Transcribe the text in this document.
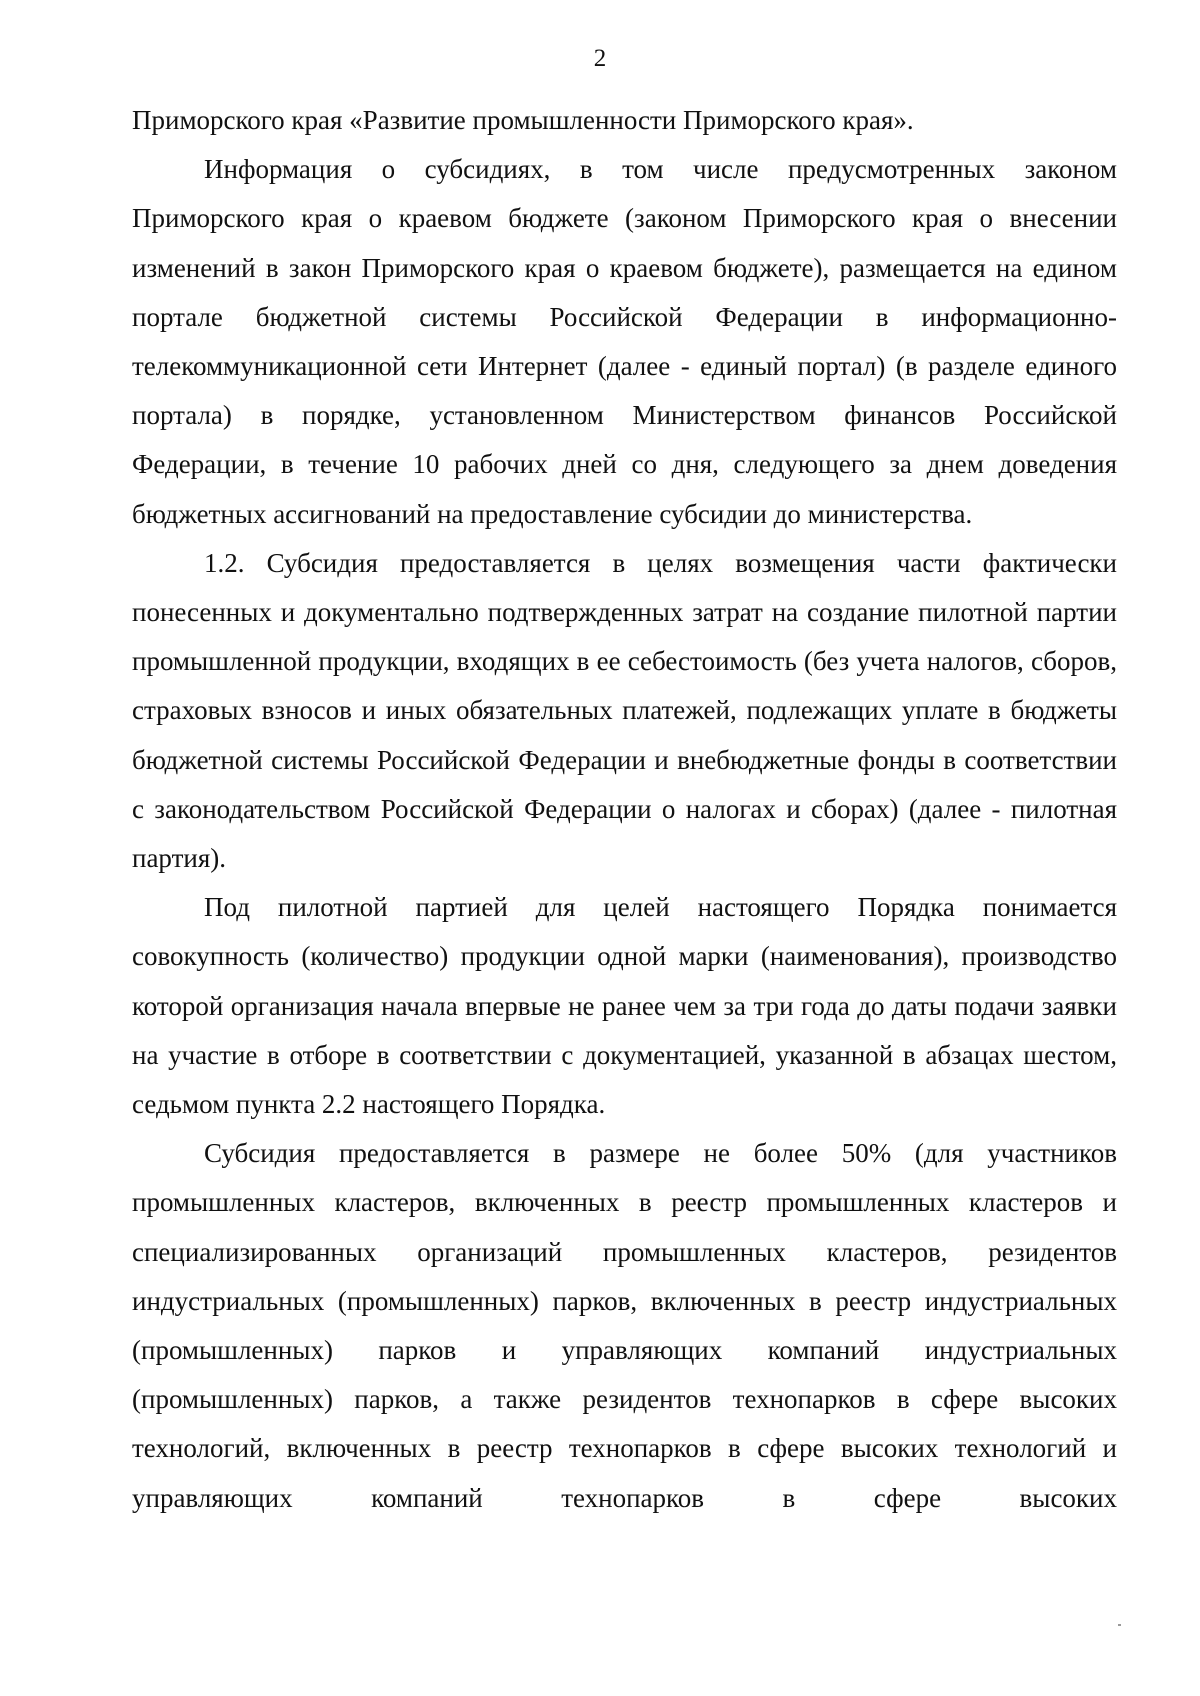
2

Приморского края «Развитие промышленности Приморского края».

Информация о субсидиях, в том числе предусмотренных законом Приморского края о краевом бюджете (законом Приморского края о внесении изменений в закон Приморского края о краевом бюджете), размещается на едином портале бюджетной системы Российской Федерации в информационно-телекоммуникационной сети Интернет (далее - единый портал) (в разделе единого портала) в порядке, установленном Министерством финансов Российской Федерации, в течение 10 рабочих дней со дня, следующего за днем доведения бюджетных ассигнований на предоставление субсидии до министерства.

1.2. Субсидия предоставляется в целях возмещения части фактически понесенных и документально подтвержденных затрат на создание пилотной партии промышленной продукции, входящих в ее себестоимость (без учета налогов, сборов, страховых взносов и иных обязательных платежей, подлежащих уплате в бюджеты бюджетной системы Российской Федерации и внебюджетные фонды в соответствии с законодательством Российской Федерации о налогах и сборах) (далее - пилотная партия).

Под пилотной партией для целей настоящего Порядка понимается совокупность (количество) продукции одной марки (наименования), производство которой организация начала впервые не ранее чем за три года до даты подачи заявки на участие в отборе в соответствии с документацией, указанной в абзацах шестом, седьмом пункта 2.2 настоящего Порядка.

Субсидия предоставляется в размере не более 50% (для участников промышленных кластеров, включенных в реестр промышленных кластеров и специализированных организаций промышленных кластеров, резидентов индустриальных (промышленных) парков, включенных в реестр индустриальных (промышленных) парков и управляющих компаний индустриальных (промышленных) парков, а также резидентов технопарков в сфере высоких технологий, включенных в реестр технопарков в сфере высоких технологий и управляющих компаний технопарков в сфере высоких
